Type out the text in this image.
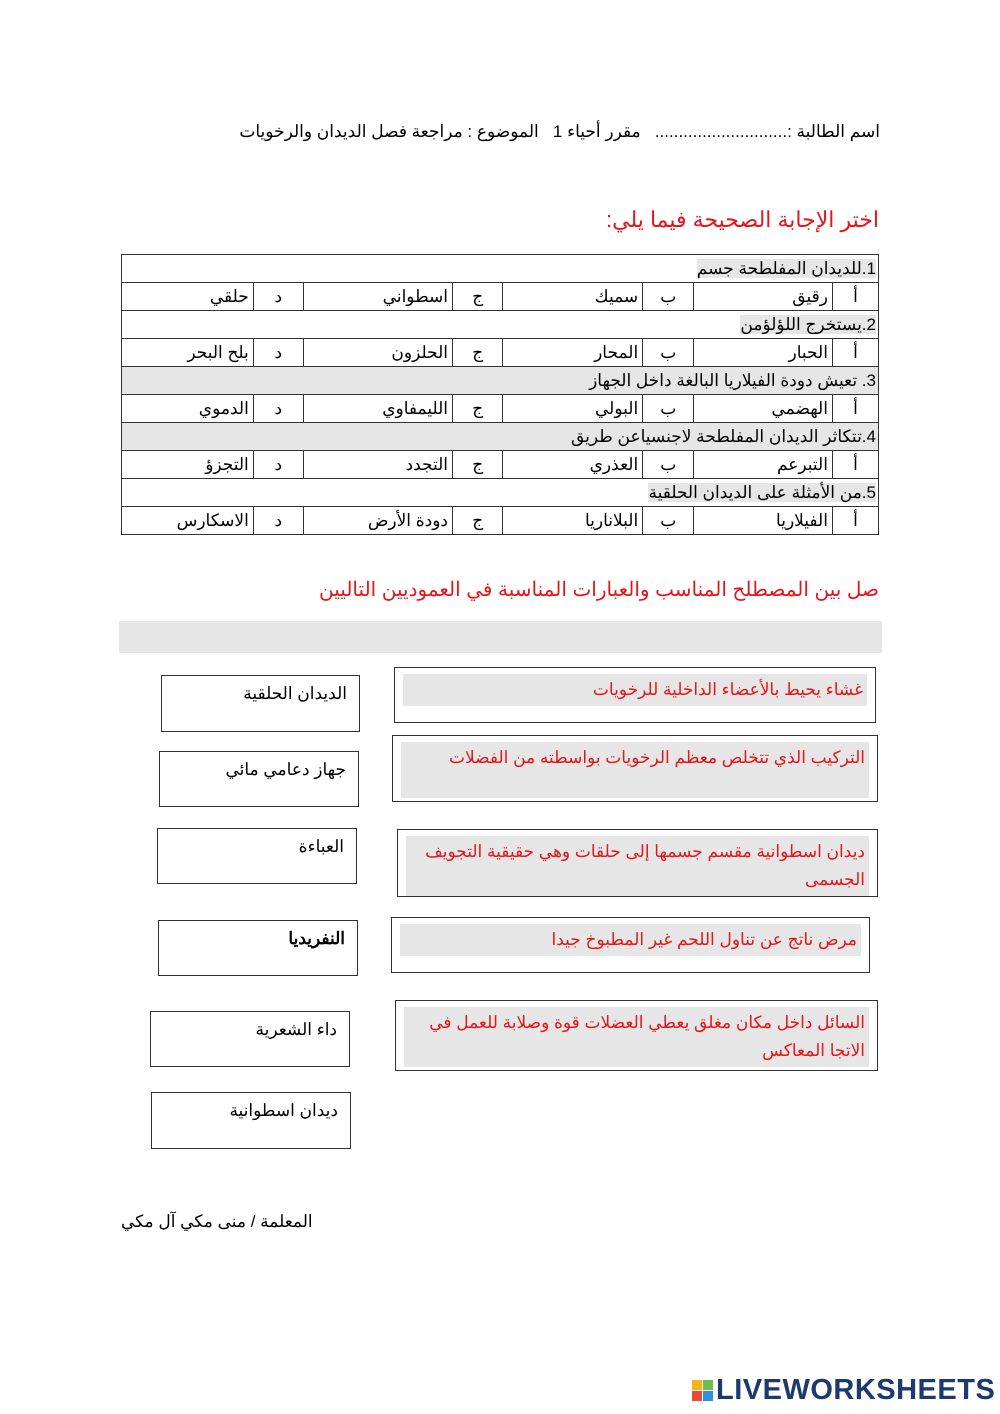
اسم الطالبة :............................   مقرر أحياء 1   الموضوع : مراجعة فصل الديدان والرخويات
اختر الإجابة الصحيحة فيما يلي:
1.للديدان المفلطحة جسم							
أ	رقيق	ب	سميك	ج	اسطواني	د	حلقي
2.يستخرج اللؤلؤمن							
أ	الحبار	ب	المحار	ج	الحلزون	د	بلح البحر
3. تعيش دودة الفيلاريا البالغة داخل الجهاز							
أ	الهضمي	ب	البولي	ج	الليمفاوي	د	الدموي
4.تتكاثر الديدان المفلطحة لاجنسياعن طريق							
أ	التبرعم	ب	العذري	ج	التجدد	د	التجزؤ
5.من الأمثلة على الديدان الحلقية							
أ	الفيلاريا	ب	البلاناريا	ج	دودة الأرض	د	الاسكارس
صل بين المصطلح المناسب والعبارات المناسبة في العموديين التاليين
الديدان الحلقية
جهاز دعامي مائي
العباءة
النفريديا
داء الشعرية
ديدان اسطوانية
غشاء يحيط بالأعضاء الداخلية للرخويات
التركيب الذي تتخلص معظم الرخويات بواسطته من الفضلات
ديدان اسطوانية مقسم جسمها إلى حلقات وهي حقيقية التجويف الجسمى
مرض ناتج عن تناول اللحم غير المطبوخ جيدا
السائل داخل مكان مغلق يعطي العضلات قوة وصلابة للعمل في الاتجا المعاكس
المعلمة / منى مكي آل مكي
LIVEWORKSHEETS
